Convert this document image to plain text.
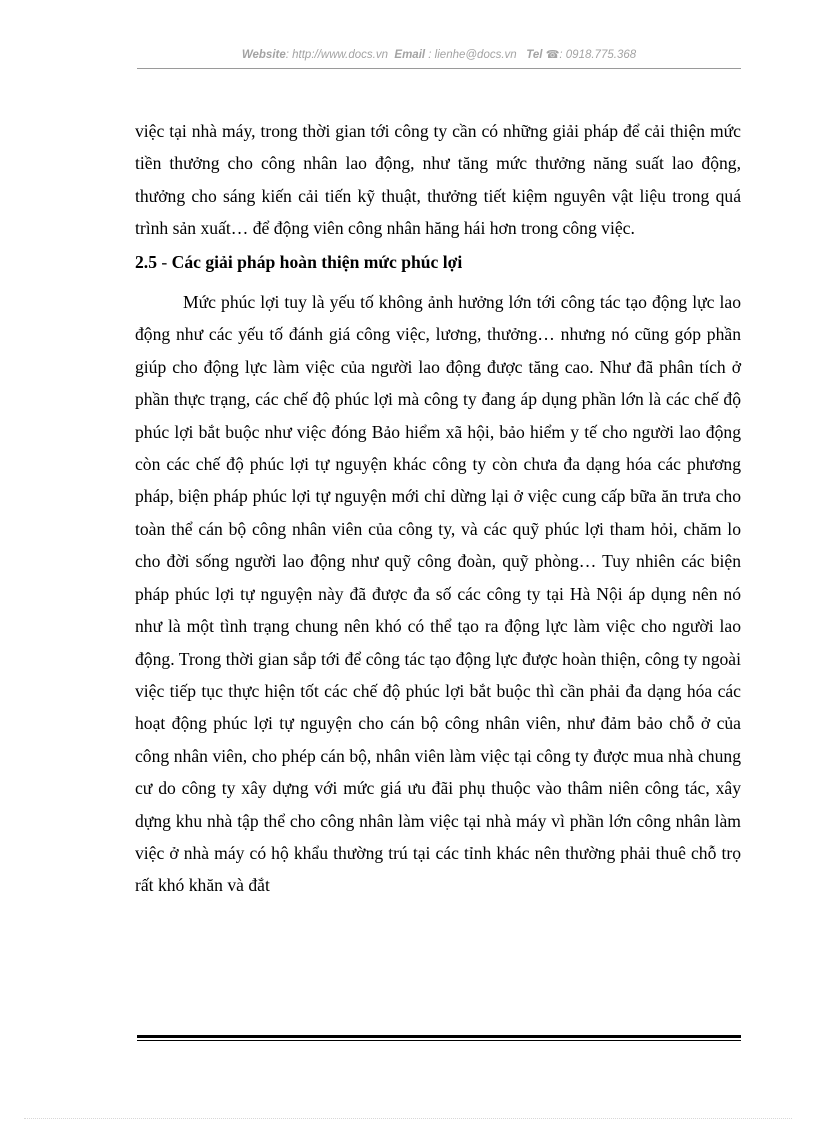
Website: http://www.docs.vn Email : lienhe@docs.vn Tel ☎: 0918.775.368

việc tại nhà máy, trong thời gian tới công ty cần có những giải pháp để cải thiện mức tiền thưởng cho công nhân lao động, như tăng mức thưởng năng suất lao động, thưởng cho sáng kiến cải tiến kỹ thuật, thưởng tiết kiệm nguyên vật liệu trong quá trình sản xuất… để động viên công nhân hăng hái hơn trong công việc.

2.5 - Các giải pháp hoàn thiện mức phúc lợi

Mức phúc lợi tuy là yếu tố không ảnh hưởng lớn tới công tác tạo động lực lao động như các yếu tố đánh giá công việc, lương, thưởng… nhưng nó cũng góp phần giúp cho động lực làm việc của người lao động được tăng cao. Như đã phân tích ở phần thực trạng, các chế độ phúc lợi mà công ty đang áp dụng phần lớn là các chế độ phúc lợi bắt buộc như việc đóng Bảo hiểm xã hội, bảo hiểm y tế cho người lao động còn các chế độ phúc lợi tự nguyện khác công ty còn chưa đa dạng hóa các phương pháp, biện pháp phúc lợi tự nguyện mới chỉ dừng lại ở việc cung cấp bữa ăn trưa cho toàn thể cán bộ công nhân viên của công ty, và các quỹ phúc lợi tham hỏi, chăm lo cho đời sống người lao động như quỹ công đoàn, quỹ phòng… Tuy nhiên các biện pháp phúc lợi tự nguyện này đã được đa số các công ty tại Hà Nội áp dụng nên nó như là một tình trạng chung nên khó có thể tạo ra động lực làm việc cho người lao động. Trong thời gian sắp tới để công tác tạo động lực được hoàn thiện, công ty ngoài việc tiếp tục thực hiện tốt các chế độ phúc lợi bắt buộc thì cần phải đa dạng hóa các hoạt động phúc lợi tự nguyện cho cán bộ công nhân viên, như đảm bảo chỗ ở của công nhân viên, cho phép cán bộ, nhân viên làm việc tại công ty được mua nhà chung cư do công ty xây dựng với mức giá ưu đãi phụ thuộc vào thâm niên công tác, xây dựng khu nhà tập thể cho công nhân làm việc tại nhà máy vì phần lớn công nhân làm việc ở nhà máy có hộ khẩu thường trú tại các tỉnh khác nên thường phải thuê chỗ trọ rất khó khăn và đắt
